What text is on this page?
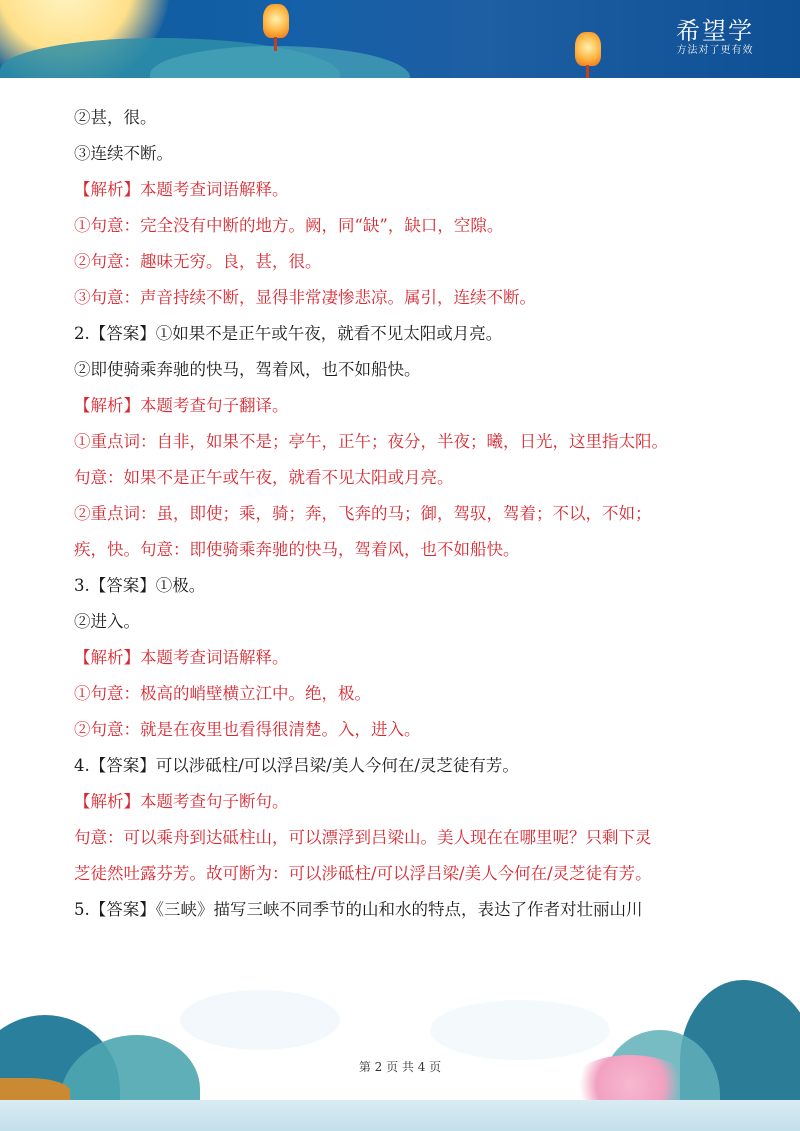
希望学
方法对了更有效
②甚，很。
③连续不断。
【解析】本题考查词语解释。
①句意：完全没有中断的地方。阙，同“缺”，缺口，空隙。
②句意：趣味无穷。良，甚，很。
③句意：声音持续不断，显得非常凄惨悲凉。属引，连续不断。
2.【答案】①如果不是正午或午夜，就看不见太阳或月亮。
②即使骑乘奔驰的快马，驾着风，也不如船快。
【解析】本题考查句子翻译。
①重点词：自非，如果不是；亭午，正午；夜分，半夜；曦，日光，这里指太阳。
句意：如果不是正午或午夜，就看不见太阳或月亮。
②重点词：虽，即使；乘，骑；奔，飞奔的马；御，驾驭，驾着；不以，不如；
疾，快。句意：即使骑乘奔驰的快马，驾着风，也不如船快。
3.【答案】①极。
②进入。
【解析】本题考查词语解释。
①句意：极高的峭壁横立江中。绝，极。
②句意：就是在夜里也看得很清楚。入，进入。
4.【答案】可以涉砥柱/可以浮吕梁/美人今何在/灵芝徒有芳。
【解析】本题考查句子断句。
句意：可以乘舟到达砥柱山，可以漂浮到吕梁山。美人现在在哪里呢？只剩下灵
芝徒然吐露芬芳。故可断为：可以涉砥柱/可以浮吕梁/美人今何在/灵芝徒有芳。
5.【答案】《三峡》描写三峡不同季节的山和水的特点，表达了作者对壮丽山川
第 2 页 共 4 页
